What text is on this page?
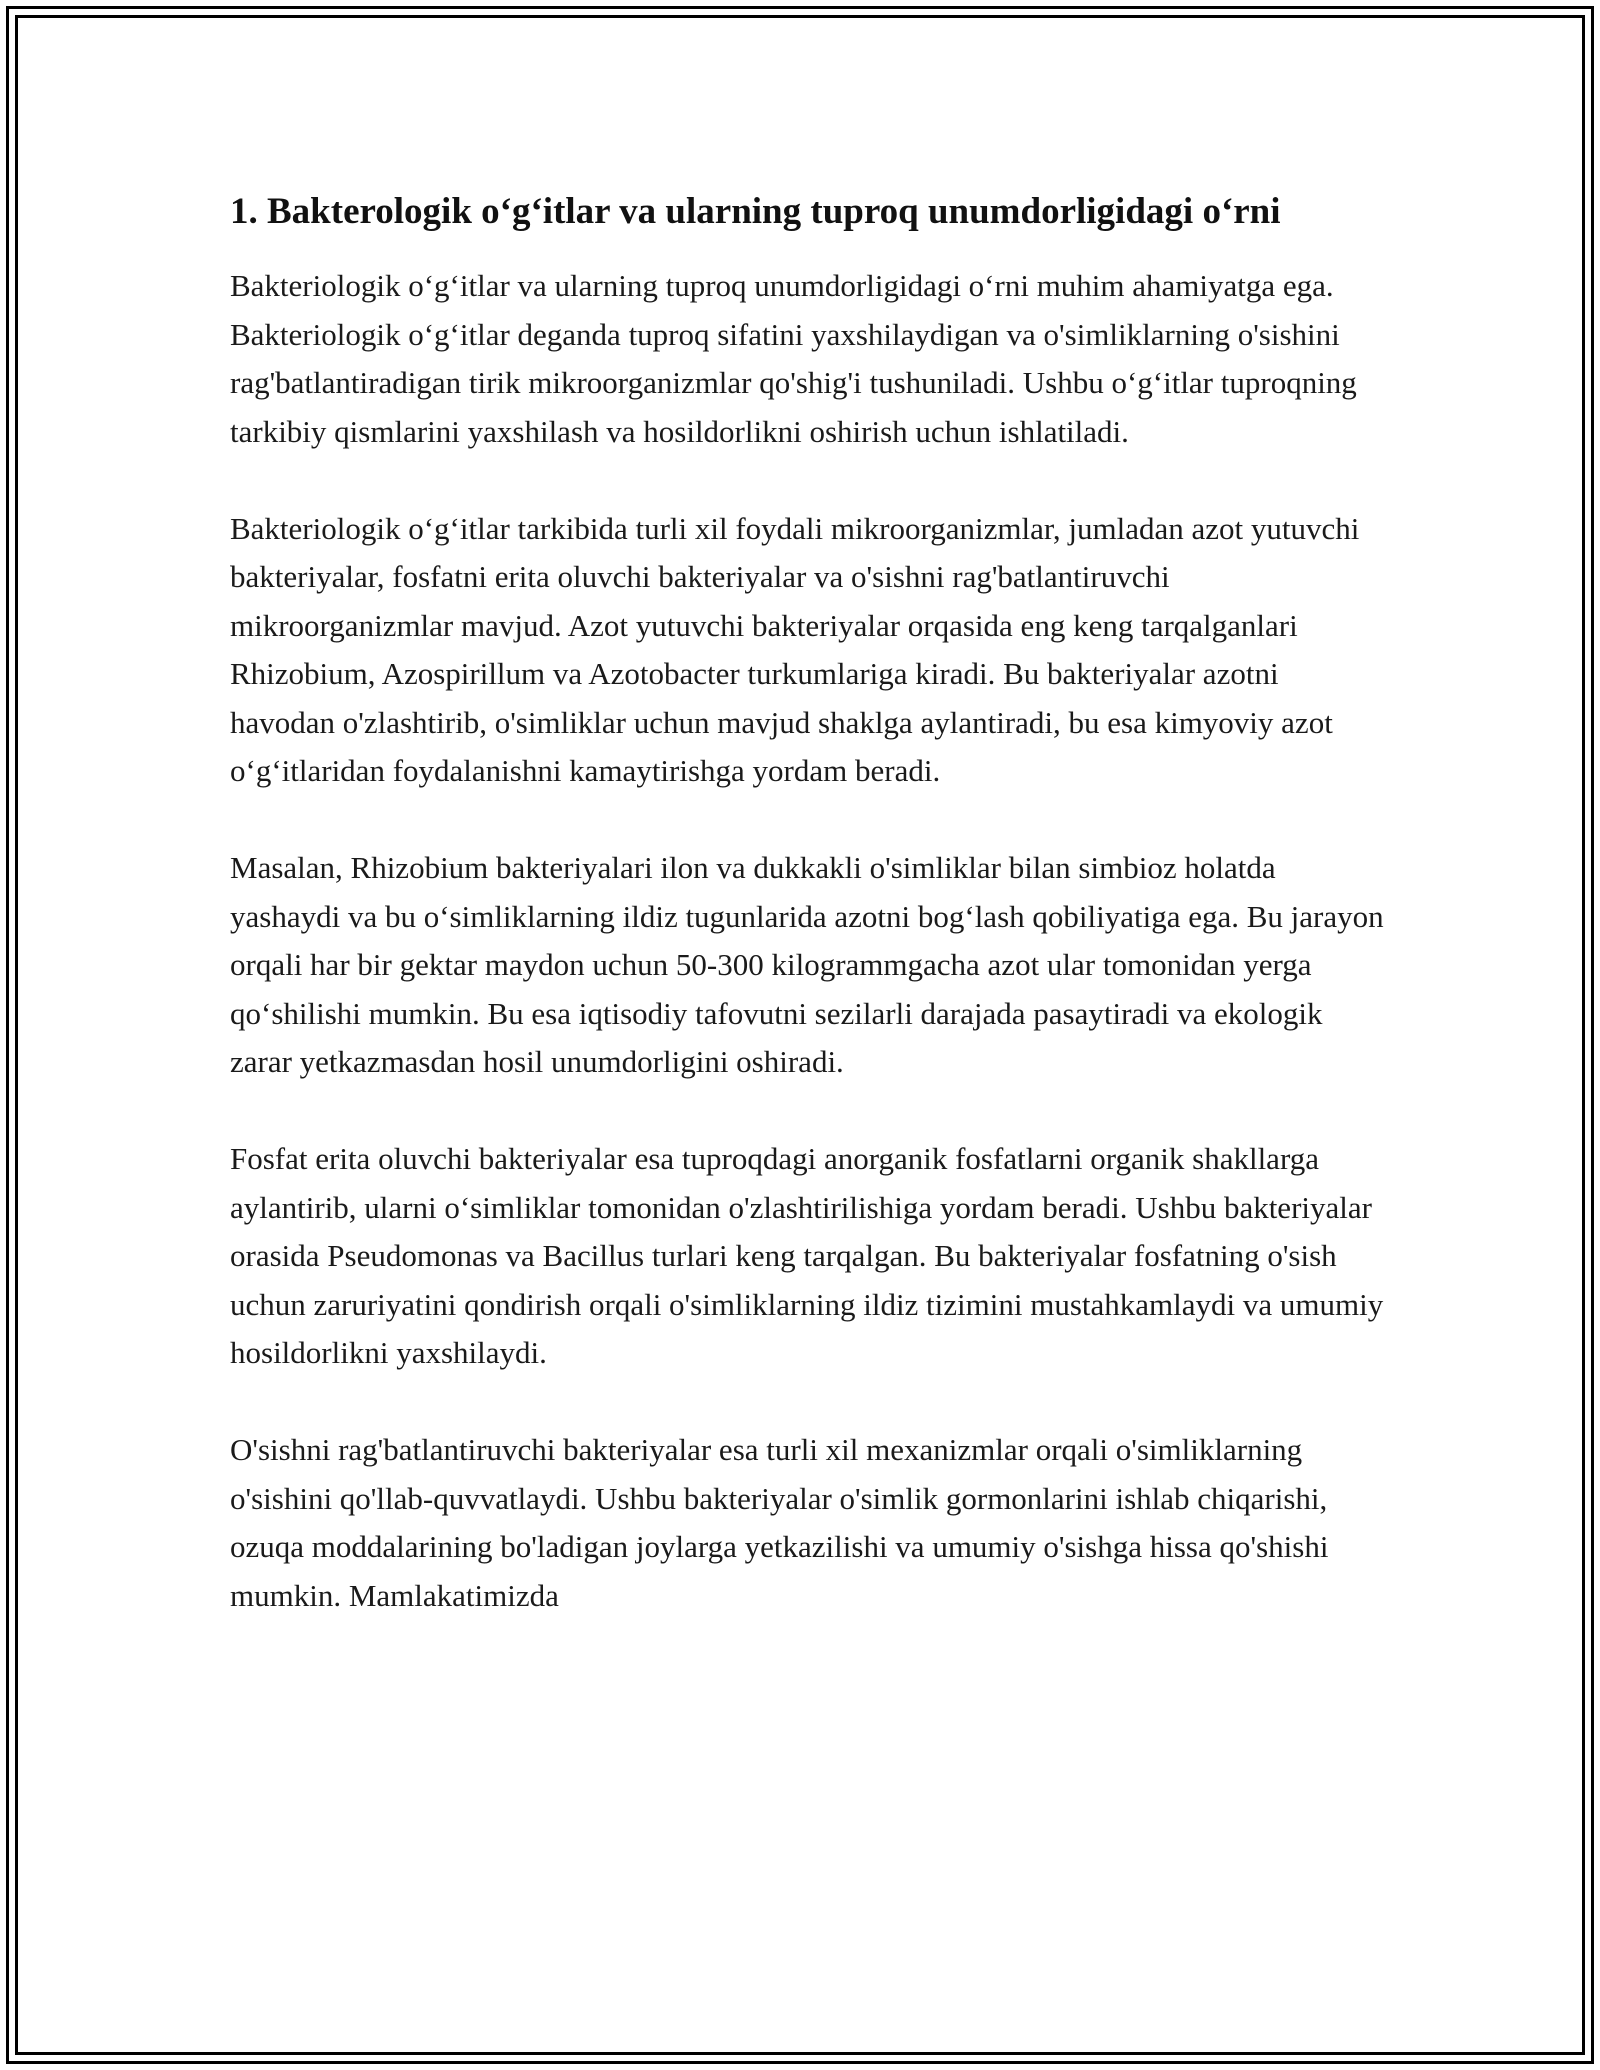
1. Bakterologik o‘g‘itlar va ularning tuproq unumdorligidagi o‘rni

Bakteriologik o‘g‘itlar va ularning tuproq unumdorligidagi o‘rni muhim ahamiyatga ega. Bakteriologik o‘g‘itlar deganda tuproq sifatini yaxshilaydigan va o'simliklarning o'sishini rag'batlantiradigan tirik mikroorganizmlar qo'shig'i tushuniladi. Ushbu o‘g‘itlar tuproqning tarkibiy qismlarini yaxshilash va hosildorlikni oshirish uchun ishlatiladi.

Bakteriologik o‘g‘itlar tarkibida turli xil foydali mikroorganizmlar, jumladan azot yutuvchi bakteriyalar, fosfatni erita oluvchi bakteriyalar va o'sishni rag'batlantiruvchi mikroorganizmlar mavjud. Azot yutuvchi bakteriyalar orqasida eng keng tarqalganlari Rhizobium, Azospirillum va Azotobacter turkumlariga kiradi. Bu bakteriyalar azotni havodan o'zlashtirib, o'simliklar uchun mavjud shaklga aylantiradi, bu esa kimyoviy azot o‘g‘itlaridan foydalanishni kamaytirishga yordam beradi.

Masalan, Rhizobium bakteriyalari ilon va dukkakli o'simliklar bilan simbioz holatda yashaydi va bu o‘simliklarning ildiz tugunlarida azotni bog‘lash qobiliyatiga ega. Bu jarayon orqali har bir gektar maydon uchun 50-300 kilogrammgacha azot ular tomonidan yerga qo‘shilishi mumkin. Bu esa iqtisodiy tafovutni sezilarli darajada pasaytiradi va ekologik zarar yetkazmasdan hosil unumdorligini oshiradi.

Fosfat erita oluvchi bakteriyalar esa tuproqdagi anorganik fosfatlarni organik shakllarga aylantirib, ularni o‘simliklar tomonidan o'zlashtirilishiga yordam beradi. Ushbu bakteriyalar orasida Pseudomonas va Bacillus turlari keng tarqalgan. Bu bakteriyalar fosfatning o'sish uchun zaruriyatini qondirish orqali o'simliklarning ildiz tizimini mustahkamlaydi va umumiy hosildorlikni yaxshilaydi.

O'sishni rag'batlantiruvchi bakteriyalar esa turli xil mexanizmlar orqali o'simliklarning o'sishini qo'llab-quvvatlaydi. Ushbu bakteriyalar o'simlik gormonlarini ishlab chiqarishi, ozuqa moddalarining bo'ladigan joylarga yetkazilishi va umumiy o'sishga hissa qo'shishi mumkin. Mamlakatimizda
